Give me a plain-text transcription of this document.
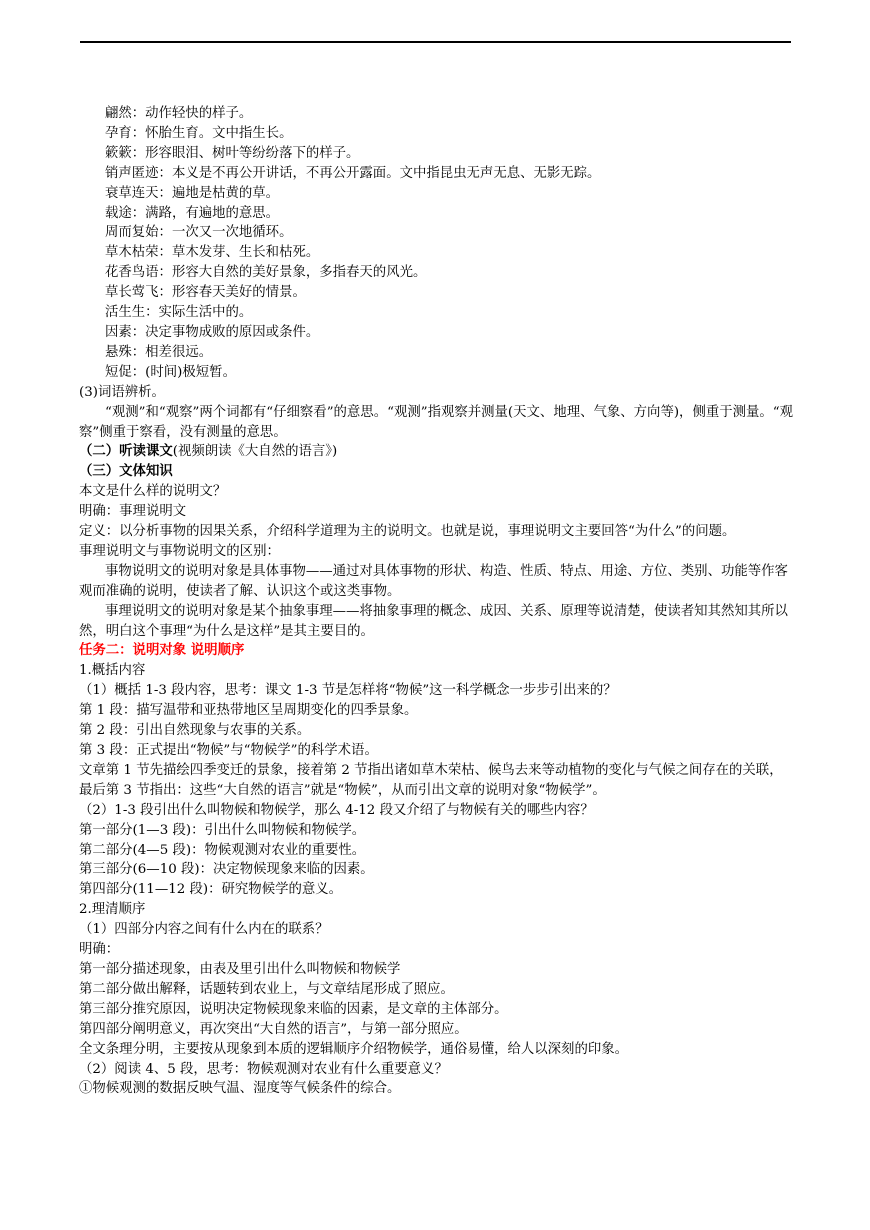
翩然：动作轻快的样子。
孕育：怀胎生育。文中指生长。
簌簌：形容眼泪、树叶等纷纷落下的样子。
销声匿迹：本义是不再公开讲话，不再公开露面。文中指昆虫无声无息、无影无踪。
衰草连天：遍地是枯黄的草。
载途：满路，有遍地的意思。
周而复始：一次又一次地循环。
草木枯荣：草木发芽、生长和枯死。
花香鸟语：形容大自然的美好景象，多指春天的风光。
草长莺飞：形容春天美好的情景。
活生生：实际生活中的。
因素：决定事物成败的原因或条件。
悬殊：相差很远。
短促：(时间)极短暂。
(3)词语辨析。
“观测”和“观察”两个词都有“仔细察看”的意思。“观测”指观察并测量(天文、地理、气象、方向等)，侧重于测量。“观察”侧重于察看，没有测量的意思。
（二）听读课文(视频朗读《大自然的语言》)
（三）文体知识
本文是什么样的说明文？
明确：事理说明文
定义：以分析事物的因果关系，介绍科学道理为主的说明文。也就是说，事理说明文主要回答“为什么”的问题。
事理说明文与事物说明文的区别：
事物说明文的说明对象是具体事物——通过对具体事物的形状、构造、性质、特点、用途、方位、类别、功能等作客观而准确的说明，使读者了解、认识这个或这类事物。
事理说明文的说明对象是某个抽象事理——将抽象事理的概念、成因、关系、原理等说清楚，使读者知其然知其所以然，明白这个事理“为什么是这样”是其主要目的。
任务二：说明对象 说明顺序
1.概括内容
（1）概括 1-3 段内容，思考：课文 1-3 节是怎样将“物候”这一科学概念一步步引出来的？
第 1 段：描写温带和亚热带地区呈周期变化的四季景象。
第 2 段：引出自然现象与农事的关系。
第 3 段：正式提出“物候”与“物候学”的科学术语。
文章第 1 节先描绘四季变迁的景象，接着第 2 节指出诸如草木荣枯、候鸟去来等动植物的变化与气候之间存在的关联，最后第 3 节指出：这些“大自然的语言”就是“物候”，从而引出文章的说明对象“物候学”。
（2）1-3 段引出什么叫物候和物候学，那么 4-12 段又介绍了与物候有关的哪些内容？
第一部分(1—3 段)：引出什么叫物候和物候学。
第二部分(4—5 段)：物候观测对农业的重要性。
第三部分(6—10 段)：决定物候现象来临的因素。
第四部分(11—12 段)：研究物候学的意义。
2.理清顺序
（1）四部分内容之间有什么内在的联系？
明确：
第一部分描述现象，由表及里引出什么叫物候和物候学
第二部分做出解释，话题转到农业上，与文章结尾形成了照应。
第三部分推究原因，说明决定物候现象来临的因素，是文章的主体部分。
第四部分阐明意义，再次突出“大自然的语言”，与第一部分照应。
全文条理分明，主要按从现象到本质的逻辑顺序介绍物候学，通俗易懂，给人以深刻的印象。
（2）阅读 4、5 段，思考：物候观测对农业有什么重要意义？
①物候观测的数据反映气温、湿度等气候条件的综合。
